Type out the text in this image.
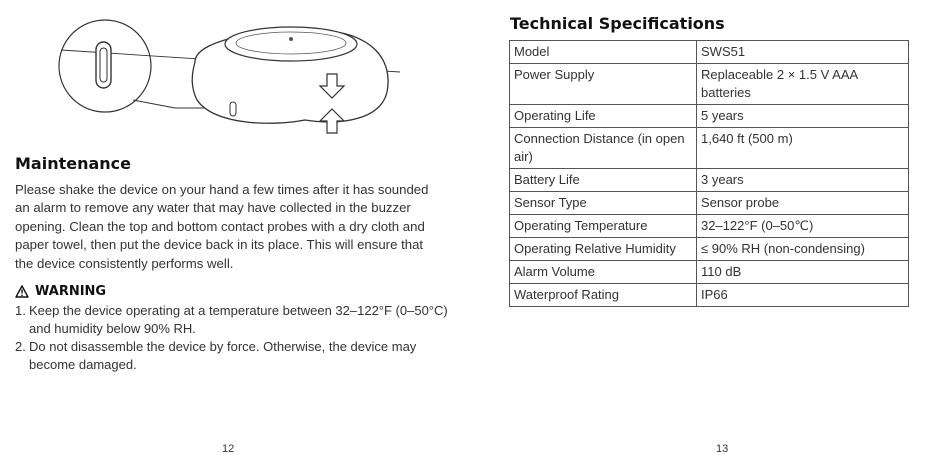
Maintenance

Please shake the device on your hand a few times after it has sounded an alarm to remove any water that may have collected in the buzzer opening. Clean the top and bottom contact probes with a dry cloth and paper towel, then put the device back in its place. This will ensure that the device consistently performs well.

WARNING
1. Keep the device operating at a temperature between 32–122°F (0–50°C) and humidity below 90% RH.
2. Do not disassemble the device by force. Otherwise, the device may become damaged.
12
Technical Specifications
Model	SWS51
Power Supply	Replaceable 2 × 1.5 V AAA batteries
Operating Life	5 years
Connection Distance (in open air)	1,640 ft (500 m)
Battery Life	3 years
Sensor Type	Sensor probe
Operating Temperature	32–122°F (0–50℃)
Operating Relative Humidity	≤ 90% RH (non-condensing)
Alarm Volume	110 dB
Waterproof Rating	IP66
13
